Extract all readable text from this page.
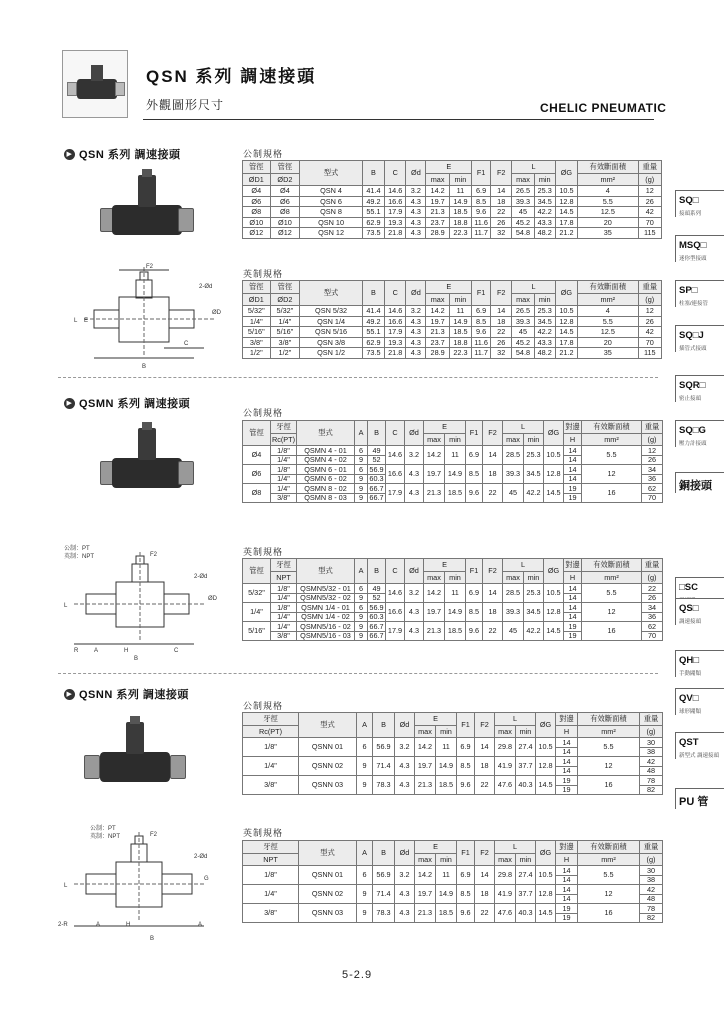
QSN 系列 調速接頭
外觀圖形尺寸	CHELIC PNEUMATIC
▶ QSN 系列 調速接頭	公制規格
F2
2-Ød
C
B
L E
ØD
管徑	管徑	型式	B	C	Ød	E		F1	F2	L		ØG	有效斷面積	重量
ØD1	ØD2					max	min			max	min		mm²	(g)
Ø4	Ø4	QSN 4	41.4	14.6	3.2	14.2	11	6.9	14	26.5	25.3	10.5	4	12
Ø6	Ø6	QSN 6	49.2	16.6	4.3	19.7	14.9	8.5	18	39.3	34.5	12.8	5.5	26
Ø8	Ø8	QSN 8	55.1	17.9	4.3	21.3	18.5	9.6	22	45	42.2	14.5	12.5	42
Ø10	Ø10	QSN 10	62.9	19.3	4.3	23.7	18.8	11.6	26	45.2	43.3	17.8	20	70
Ø12	Ø12	QSN 12	73.5	21.8	4.3	28.9	22.3	11.7	32	54.8	48.2	21.2	35	115
英制規格
管徑	管徑	型式	B	C	Ød	E		F1	F2	L		ØG	有效斷面積	重量
ØD1	ØD2					max	min			max	min		mm²	(g)
5/32"	5/32"	QSN 5/32	41.4	14.6	3.2	14.2	11	6.9	14	26.5	25.3	10.5	4	12
1/4"	1/4"	QSN 1/4	49.2	16.6	4.3	19.7	14.9	8.5	18	39.3	34.5	12.8	5.5	26
5/16"	5/16"	QSN 5/16	55.1	17.9	4.3	21.3	18.5	9.6	22	45	42.2	14.5	12.5	42
3/8"	3/8"	QSN 3/8	62.9	19.3	4.3	23.7	18.8	11.6	26	45.2	43.3	17.8	20	70
1/2"	1/2"	QSN 1/2	73.5	21.8	4.3	28.9	22.3	11.7	32	54.8	48.2	21.2	35	115
▶ QSMN 系列 調速接頭
公制規格
公制：PT
英制：NPT	F2
2-Ød
R	A	H	C
B
L
ØD
管徑	牙徑	型式	A	B	C	Ød	E		F1	F2	L		ØG	對邊	有效斷面積	重量
	Rc(PT)						max	min			max	min		H	mm²	(g)
Ø4	1/8"	QSMN 4 - 01	6	49	14.6	3.2	14.2	11	6.9	14	28.5	25.3	10.5	14	5.5	12
	1/4"	QSMN 4 - 02	9	52										14		26
Ø6	1/8"	QSMN 6 - 01	6	56.9	16.6	4.3	19.7	14.9	8.5	18	39.3	34.5	12.8	14	12	34
	1/4"	QSMN 6 - 02	9	60.3										14		36
Ø8	1/4"	QSMN 8 - 02	9	66.7	17.9	4.3	21.3	18.5	9.6	22	45	42.2	14.5	19	16	62
	3/8"	QSMN 8 - 03	9	66.7										19		70
英制規格
管徑	牙徑	型式	A	B	C	Ød	E		F1	F2	L		ØG	對邊	有效斷面積	重量
	NPT						max	min			max	min		H	mm²	(g)
5/32"	1/8"	QSMN5/32 - 01	6	49	14.6	3.2	14.2	11	6.9	14	28.5	25.3	10.5	14	5.5	22
	1/4"	QSMN5/32 - 02	9	52										14		26
1/4"	1/8"	QSMN 1/4 - 01	6	56.9	16.6	4.3	19.7	14.9	8.5	18	39.3	34.5	12.8	14	12	34
	1/4"	QSMN 1/4 - 02	9	60.3										14		36
5/16"	1/4"	QSMN5/16 - 02	9	66.7	17.9	4.3	21.3	18.5	9.6	22	45	42.2	14.5	19	16	62
	3/8"	QSMN5/16 - 03	9	66.7										19		70
▶ QSNN 系列 調速接頭
公制規格
公制：PT
英制：NPT	F2
2-Ød
2-R	A	H	A
B
L
G
牙徑	型式	A	B	Ød	E		F1	F2	L		ØG	對邊	有效斷面積	重量
Rc(PT)					max	min			max	min		H	mm²	(g)
1/8"	QSNN 01	6	56.9	3.2	14.2	11	6.9	14	29.8	27.4	10.5	14	5.5	30
												14		38
1/4"	QSNN 02	9	71.4	4.3	19.7	14.9	8.5	18	41.9	37.7	12.8	14	12	42
												14		48
3/8"	QSNN 03	9	78.3	4.3	21.3	18.5	9.6	22	47.6	40.3	14.5	19	16	78
												19		82
英制規格
牙徑	型式	A	B	Ød	E		F1	F2	L		ØG	對邊	有效斷面積	重量
NPT					max	min			max	min		H	mm²	(g)
1/8"	QSNN 01	6	56.9	3.2	14.2	11	6.9	14	29.8	27.4	10.5	14	5.5	30
												14		38
1/4"	QSNN 02	9	71.4	4.3	19.7	14.9	8.5	18	41.9	37.7	12.8	14	12	42
												14		48
3/8"	QSNN 03	9	78.3	4.3	21.3	18.5	9.6	22	47.6	40.3	14.5	19	16	78
												19		82
SQ□
接頭系列
MSQ□
迷你型接頭
SP□
柱塞/連接管
SQ□J
插管式接頭
SQR□
密止接頭
SQ□G
壓力計接頭
銅接頭
□SC
QS□
調速接頭
QH□
手動閥類
QV□
球形閥類
QST
新型式 調速接頭
PU 管
5-2.9
